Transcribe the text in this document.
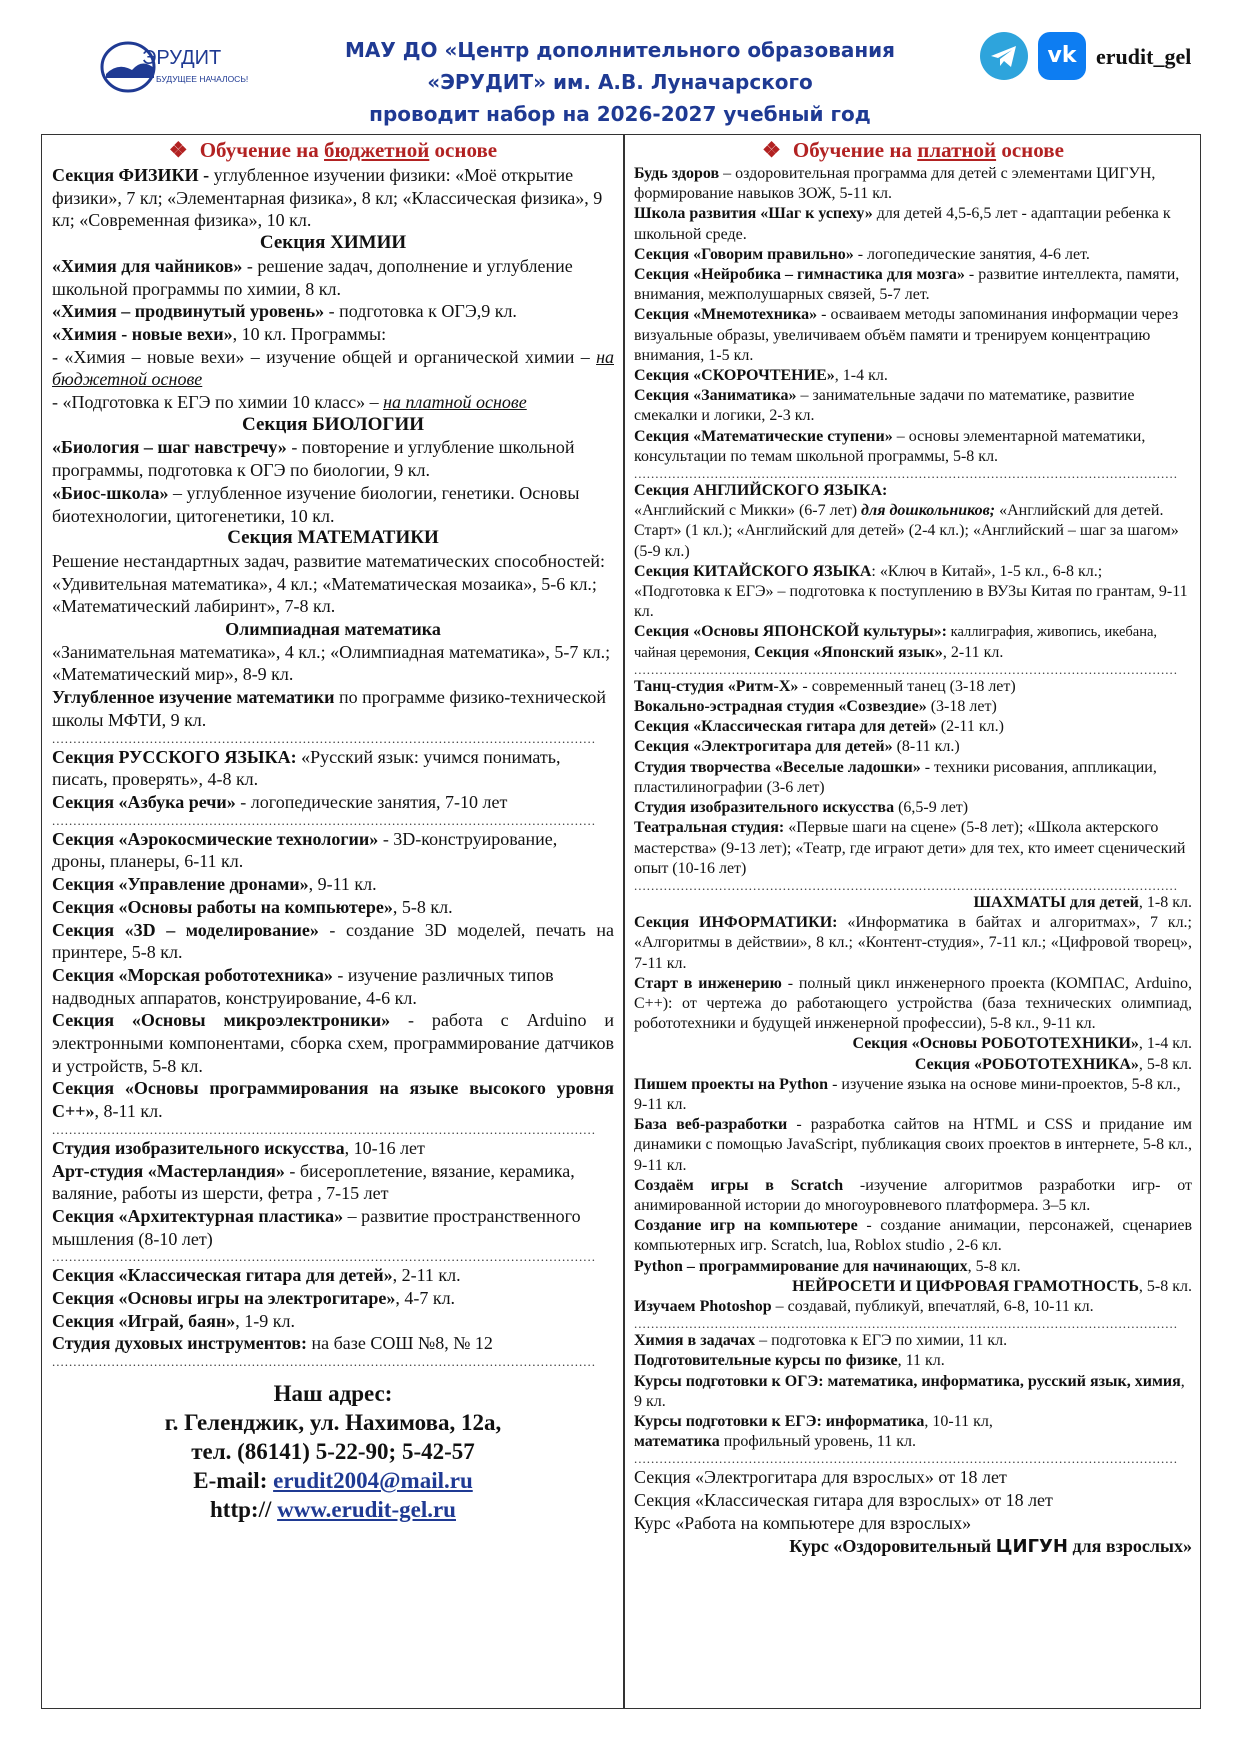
ЭРУДИТ
БУДУЩЕЕ НАЧАЛОСЬ!
МАУ ДО «Центр дополнительного образования
«ЭРУДИТ» им. А.В. Луначарского
проводит набор на 2026-2027 учебный год
vk erudit_gel

❖ Обучение на бюджетной основе

Секция ФИЗИКИ - углубленное изучении физики: «Моё открытие физики», 7 кл; «Элементарная физика», 8 кл; «Классическая физика», 9 кл; «Современная физика», 10 кл.

Секция ХИМИИ

«Химия для чайников» - решение задач, дополнение и углубление школьной программы по химии, 8 кл.

«Химия – продвинутый уровень» - подготовка к ОГЭ,9 кл.

«Химия - новые вехи», 10 кл. Программы:

- «Химия – новые вехи» – изучение общей и органической химии – на бюджетной основе

- «Подготовка к ЕГЭ по химии 10 класс» – на платной основе

Секция БИОЛОГИИ

«Биология – шаг навстречу» - повторение и углубление школьной программы, подготовка к ОГЭ по биологии, 9 кл.

«Биос-школа» – углубленное изучение биологии, генетики. Основы биотехнологии, цитогенетики, 10 кл.

Секция МАТЕМАТИКИ

Решение нестандартных задач, развитие математических способностей: «Удивительная математика», 4 кл.; «Математическая мозаика», 5-6 кл.; «Математический лабиринт», 7-8 кл.

Олимпиадная математика

«Занимательная математика», 4 кл.; «Олимпиадная математика», 5-7 кл.; «Математический мир», 8-9 кл.

Углубленное изучение математики по программе физико-технической школы МФТИ, 9 кл.

................................................................................................................................

Секция РУССКОГО ЯЗЫКА: «Русский язык: учимся понимать, писать, проверять», 4-8 кл.

Секция «Азбука речи» - логопедические занятия, 7-10 лет

................................................................................................................................

Секция «Аэрокосмические технологии» - 3D-конструирование, дроны, планеры, 6-11 кл.

Секция «Управление дронами», 9-11 кл.

Секция «Основы работы на компьютере», 5-8 кл.

Секция «3D – моделирование» - создание 3D моделей, печать на принтере, 5-8 кл.

Секция «Морская робототехника» - изучение различных типов надводных аппаратов, конструирование, 4-6 кл.

Секция «Основы микроэлектроники» - работа с Arduino и электронными компонентами, сборка схем, программирование датчиков и устройств, 5-8 кл.

Секция «Основы программирования на языке высокого уровня С++», 8-11 кл.

................................................................................................................................

Студия изобразительного искусства, 10-16 лет

Арт-студия «Мастерландия» - бисероплетение, вязание, керамика, валяние, работы из шерсти, фетра , 7-15 лет

Секция «Архитектурная пластика» – развитие пространственного мышления (8-10 лет)

................................................................................................................................

Секция «Классическая гитара для детей», 2-11 кл.

Секция «Основы игры на электрогитаре», 4-7 кл.

Секция «Играй, баян», 1-9 кл.

Студия духовых инструментов: на базе СОШ №8, № 12

................................................................................................................................
Наш адрес:
г. Геленджик, ул. Нахимова, 12а,
тел. (86141) 5-22-90; 5-42-57
E-mail: erudit2004@mail.ru
http:// www.erudit-gel.ru

❖ Обучение на платной основе

Будь здоров – оздоровительная программа для детей с элементами ЦИГУН, формирование навыков ЗОЖ, 5-11 кл.

Школа развития «Шаг к успеху» для детей 4,5-6,5 лет - адаптации ребенка к школьной среде.

Секция «Говорим правильно» - логопедические занятия, 4-6 лет.

Секция «Нейробика – гимнастика для мозга» - развитие интеллекта, памяти, внимания, межполушарных связей, 5-7 лет.

Секция «Мнемотехника» - осваиваем методы запоминания информации через визуальные образы, увеличиваем объём памяти и тренируем концентрацию внимания, 1-5 кл.

Секция «СКОРОЧТЕНИЕ», 1-4 кл.

Секция «Заниматика» – занимательные задачи по математике, развитие смекалки и логики, 2-3 кл.

Секция «Математические ступени» – основы элементарной математики, консультации по темам школьной программы, 5-8 кл.

................................................................................................................................

Секция АНГЛИЙСКОГО ЯЗЫКА:
«Английский с Микки» (6-7 лет) для дошкольников; «Английский для детей. Старт» (1 кл.); «Английский для детей» (2-4 кл.); «Английский – шаг за шагом» (5-9 кл.)

Секция КИТАЙСКОГО ЯЗЫКА: «Ключ в Китай», 1-5 кл., 6-8 кл.; «Подготовка к ЕГЭ» – подготовка к поступлению в ВУЗы Китая по грантам, 9-11 кл.

Секция «Основы ЯПОНСКОЙ культуры»: каллиграфия, живопись, икебана, чайная церемония, Секция «Японский язык», 2-11 кл.

................................................................................................................................

Танц-студия «Ритм-Х» - современный танец (3-18 лет)

Вокально-эстрадная студия «Созвездие» (3-18 лет)

Секция «Классическая гитара для детей» (2-11 кл.)

Секция «Электрогитара для детей» (8-11 кл.)

Студия творчества «Веселые ладошки» - техники рисования, аппликации, пластилинографии (3-6 лет)

Студия изобразительного искусства (6,5-9 лет)

Театральная студия: «Первые шаги на сцене» (5-8 лет); «Школа актерского мастерства» (9-13 лет); «Театр, где играют дети» для тех, кто имеет сценический опыт (10-16 лет)

................................................................................................................................

ШАХМАТЫ для детей, 1-8 кл.

Секция ИНФОРМАТИКИ: «Информатика в байтах и алгоритмах», 7 кл.; «Алгоритмы в действии», 8 кл.; «Контент-студия», 7-11 кл.; «Цифровой творец», 7-11 кл.

Старт в инженерию - полный цикл инженерного проекта (КОМПАС, Arduino, C++): от чертежа до работающего устройства (база технических олимпиад, робототехники и будущей инженерной профессии), 5-8 кл., 9-11 кл.

Секция «Основы РОБОТОТЕХНИКИ», 1-4 кл.

Секция «РОБОТОТЕХНИКА», 5-8 кл.

Пишем проекты на Python - изучение языка на основе мини-проектов, 5-8 кл., 9-11 кл.

База веб-разработки - разработка сайтов на HTML и CSS и придание им динамики с помощью JavaScript, публикация своих проектов в интернете, 5-8 кл., 9-11 кл.

Создаём игры в Scratch -изучение алгоритмов разработки игр- от анимированной истории до многоуровневого платформера. 3–5 кл.

Создание игр на компьютере - создание анимации, персонажей, сценариев компьютерных игр. Scratch, lua, Roblox studio , 2-6 кл.

Python – программирование для начинающих, 5-8 кл.

НЕЙРОСЕТИ И ЦИФРОВАЯ ГРАМОТНОСТЬ, 5-8 кл.

Изучаем Photoshop – создавай, публикуй, впечатляй, 6-8, 10-11 кл.

................................................................................................................................

Химия в задачах – подготовка к ЕГЭ по химии, 11 кл.

Подготовительные курсы по физике, 11 кл.

Курсы подготовки к ОГЭ: математика, информатика, русский язык, химия, 9 кл.

Курсы подготовки к ЕГЭ: информатика, 10-11 кл,

математика профильный уровень, 11 кл.

................................................................................................................................

Секция «Электрогитара для взрослых» от 18 лет

Секция «Классическая гитара для взрослых» от 18 лет

Курс «Работа на компьютере для взрослых»

Курс «Оздоровительный ЦИГУН для взрослых»
